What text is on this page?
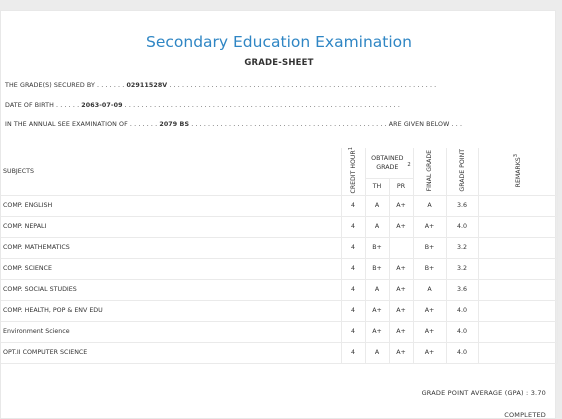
Secondary Education Examination
GRADE-SHEET
THE GRADE(S) SECURED BY . . . . . . . 02911528V . . . . . . . . . . . . . . . . . . . . . . . . . . . . . . . . . . . . . . . . . . . . . . . . . . . . . . . . . . . . . . . .
DATE OF BIRTH . . . . . . 2063-07-09 . . . . . . . . . . . . . . . . . . . . . . . . . . . . . . . . . . . . . . . . . . . . . . . . . . . . . . . . . . . . . . . . . .
IN THE ANNUAL SEE EXAMINATION OF . . . . . . . 2079 BS . . . . . . . . . . . . . . . . . . . . . . . . . . . . . . . . . . . . . . . . . . . . . . . ARE GIVEN BELOW . . .
SUBJECTS	CREDIT HOUR$^1$	OBTAINED GRADE $^2$		FINAL GRADE	GRADE POINT	REMARKS$^3$
		TH	PR			
COMP. ENGLISH	4	A	A+	A	3.6	
COMP. NEPALI	4	A	A+	A+	4.0	
COMP. MATHEMATICS	4	B+		B+	3.2	
COMP. SCIENCE	4	B+	A+	B+	3.2	
COMP. SOCIAL STUDIES	4	A	A+	A	3.6	
COMP. HEALTH, POP & ENV EDU	4	A+	A+	A+	4.0	
Environment Science	4	A+	A+	A+	4.0	
OPT.II COMPUTER SCIENCE	4	A	A+	A+	4.0	
GRADE POINT AVERAGE (GPA) : 3.70
COMPLETED
